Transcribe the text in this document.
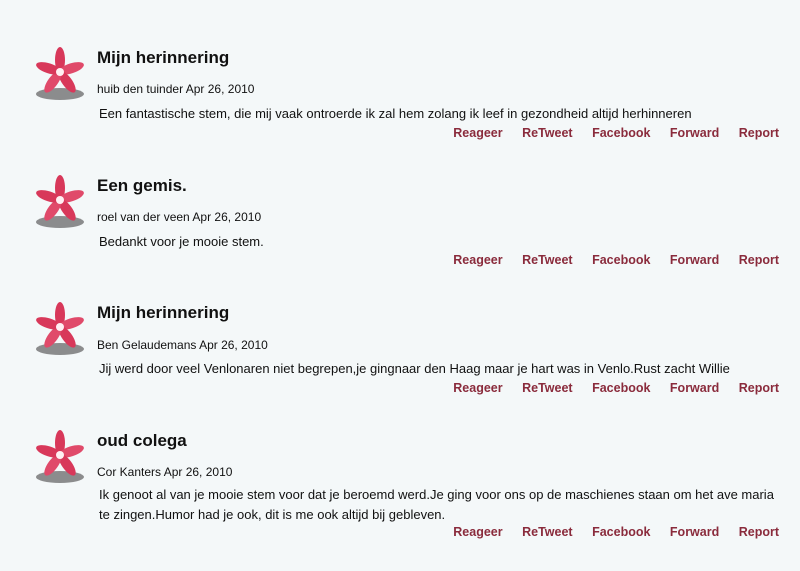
Mijn herinnering
huib den tuinder Apr 26, 2010
Een fantastische stem, die mij vaak ontroerde ik zal hem zolang ik leef in gezondheid altijd herhinneren
Reageer ReTweet Facebook Forward Report
Een gemis.
roel van der veen Apr 26, 2010
Bedankt voor je mooie stem.
Reageer ReTweet Facebook Forward Report
Mijn herinnering
Ben Gelaudemans Apr 26, 2010
Jij werd door veel Venlonaren niet begrepen,je gingnaar den Haag maar je hart was in Venlo.Rust zacht Willie
Reageer ReTweet Facebook Forward Report
oud colega
Cor Kanters Apr 26, 2010
Ik genoot al van je mooie stem voor dat je beroemd werd.Je ging voor ons op de maschienes staan om het ave maria te zingen.Humor had je ook, dit is me ook altijd bij gebleven.
Reageer ReTweet Facebook Forward Report
